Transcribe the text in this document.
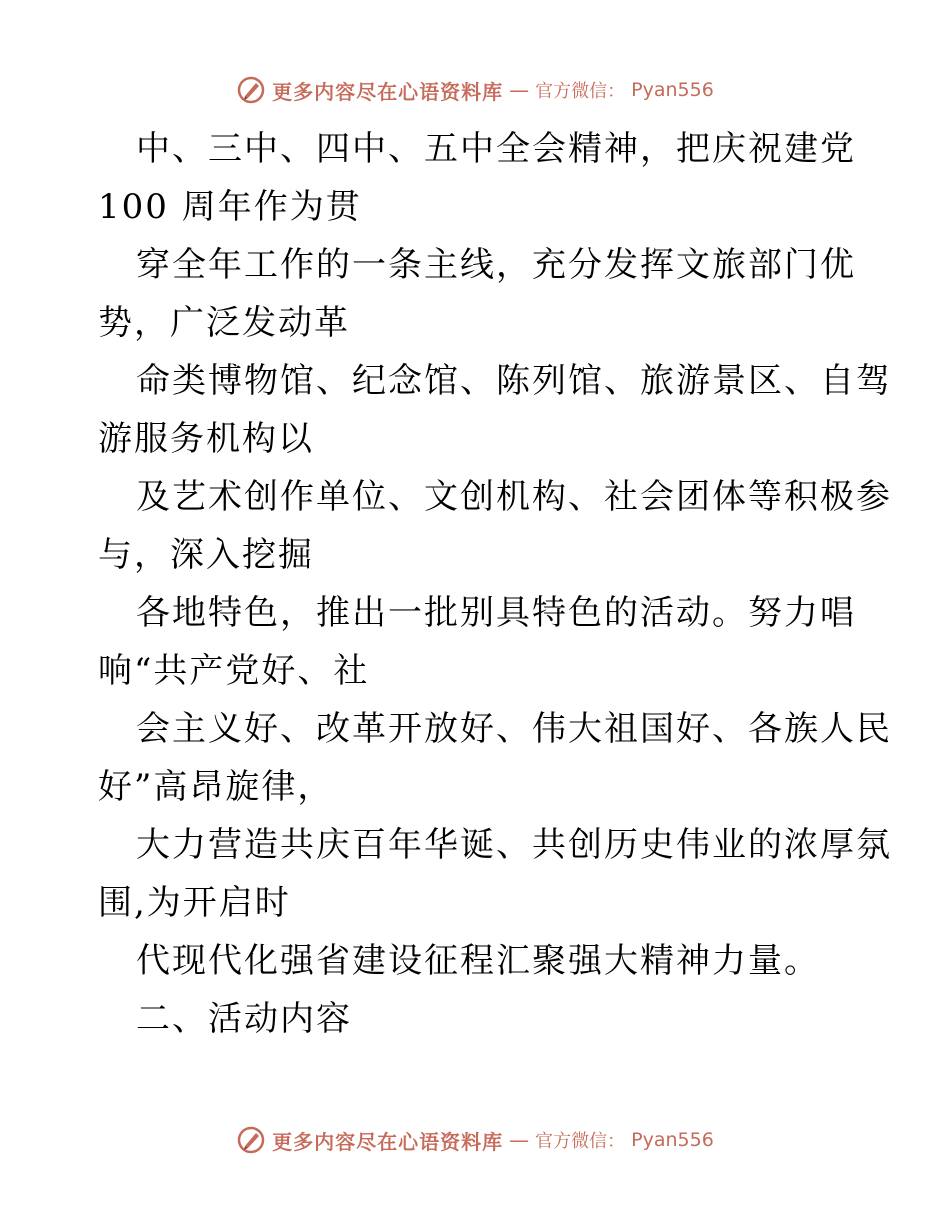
更多内容尽在心语资料库 — 官方微信： Pyan556
中、三中、四中、五中全会精神，把庆祝建党
100 周年作为贯
穿全年工作的一条主线，充分发挥文旅部门优
势，广泛发动革
命类博物馆、纪念馆、陈列馆、旅游景区、自驾
游服务机构以
及艺术创作单位、文创机构、社会团体等积极参
与，深入挖掘
各地特色，推出一批别具特色的活动。努力唱
响“共产党好、社
会主义好、改革开放好、伟大祖国好、各族人民
好”高昂旋律，
大力营造共庆百年华诞、共创历史伟业的浓厚氛
围,为开启时
代现代化强省建设征程汇聚强大精神力量。
二、活动内容
更多内容尽在心语资料库 — 官方微信： Pyan556
